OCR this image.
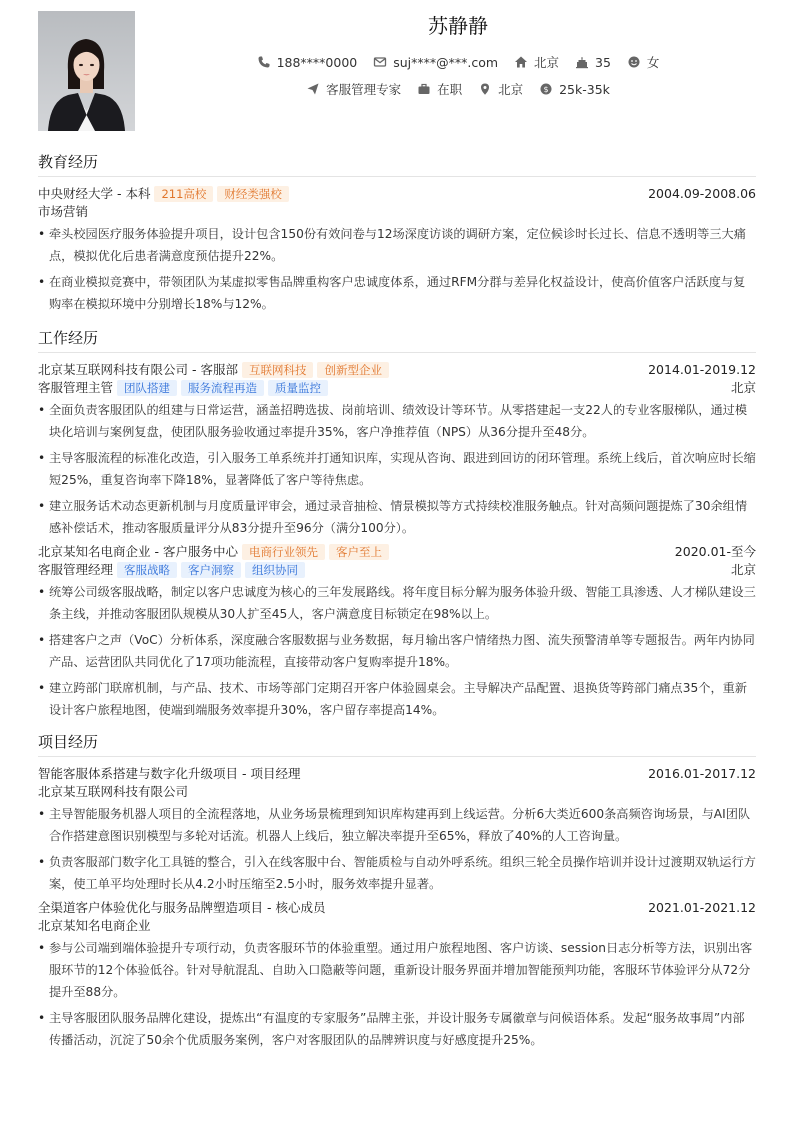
苏静静
188****0000
	suj****@***.com
	北京
	35
	女
客服管理专家
	在职
	北京
	$ 25k-35k
教育经历
中央财经大学 - 本科 211高校	财经类强校	2004.09-2008.06
市场营销
• 牵头校园医疗服务体验提升项目，设计包含150份有效问卷与12场深度访谈的调研方案，定位候诊时长过长、信息不透明等三大痛点，模拟优化后患者满意度预估提升22%。
• 在商业模拟竞赛中，带领团队为某虚拟零售品牌重构客户忠诚度体系，通过RFM分群与差异化权益设计，使高价值客户活跃度与复购率在模拟环境中分别增长18%与12%。
工作经历
北京某互联网科技有限公司 - 客服部 互联网科技	创新型企业	2014.01-2019.12
客服管理主管 团队搭建	服务流程再造	质量监控	北京
• 全面负责客服团队的组建与日常运营，涵盖招聘选拔、岗前培训、绩效设计等环节。从零搭建起一支22人的专业客服梯队，通过模块化培训与案例复盘，使团队服务验收通过率提升35%，客户净推荐值（NPS）从36分提升至48分。
• 主导客服流程的标准化改造，引入服务工单系统并打通知识库，实现从咨询、跟进到回访的闭环管理。系统上线后，首次响应时长缩短25%，重复咨询率下降18%，显著降低了客户等待焦虑。
• 建立服务话术动态更新机制与月度质量评审会，通过录音抽检、情景模拟等方式持续校准服务触点。针对高频问题提炼了30余组情感补偿话术，推动客服质量评分从83分提升至96分（满分100分）。
北京某知名电商企业 - 客户服务中心 电商行业领先	客户至上	2020.01-至今
客服管理经理 客服战略	客户洞察	组织协同	北京
• 统筹公司级客服战略，制定以客户忠诚度为核心的三年发展路线。将年度目标分解为服务体验升级、智能工具渗透、人才梯队建设三条主线，并推动客服团队规模从30人扩至45人，客户满意度目标锁定在98%以上。
• 搭建客户之声（VoC）分析体系，深度融合客服数据与业务数据，每月输出客户情绪热力图、流失预警清单等专题报告。两年内协同产品、运营团队共同优化了17项功能流程，直接带动客户复购率提升18%。
• 建立跨部门联席机制，与产品、技术、市场等部门定期召开客户体验圆桌会。主导解决产品配置、退换货等跨部门痛点35个，重新设计客户旅程地图，使端到端服务效率提升30%，客户留存率提高14%。
项目经历
智能客服体系搭建与数字化升级项目 - 项目经理	2016.01-2017.12
北京某互联网科技有限公司
• 主导智能服务机器人项目的全流程落地，从业务场景梳理到知识库构建再到上线运营。分析6大类近600条高频咨询场景，与AI团队合作搭建意图识别模型与多轮对话流。机器人上线后，独立解决率提升至65%，释放了40%的人工咨询量。
• 负责客服部门数字化工具链的整合，引入在线客服中台、智能质检与自动外呼系统。组织三轮全员操作培训并设计过渡期双轨运行方案，使工单平均处理时长从4.2小时压缩至2.5小时，服务效率提升显著。
全渠道客户体验优化与服务品牌塑造项目 - 核心成员	2021.01-2021.12
北京某知名电商企业
• 参与公司端到端体验提升专项行动，负责客服环节的体验重塑。通过用户旅程地图、客户访谈、session日志分析等方法，识别出客服环节的12个体验低谷。针对导航混乱、自助入口隐蔽等问题，重新设计服务界面并增加智能预判功能，客服环节体验评分从72分提升至88分。
• 主导客服团队服务品牌化建设，提炼出“有温度的专家服务”品牌主张，并设计服务专属徽章与问候语体系。发起“服务故事周”内部传播活动，沉淀了50余个优质服务案例，客户对客服团队的品牌辨识度与好感度提升25%。
